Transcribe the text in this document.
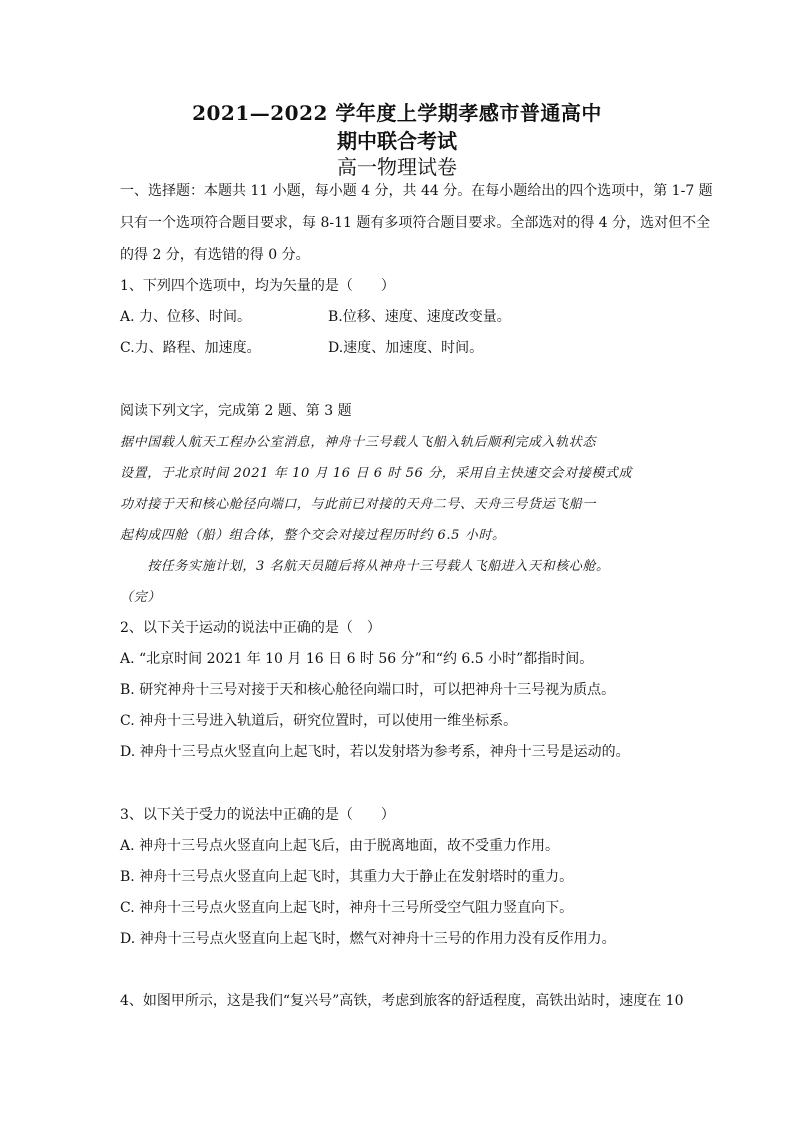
2021—2022 学年度上学期孝感市普通高中
期中联合考试
高一物理试卷
一、选择题：本题共 11 小题，每小题 4 分，共 44 分。在每小题给出的四个选项中，第 1-7 题
只有一个选项符合题目要求，每 8-11 题有多项符合题目要求。全部选对的得 4 分，选对但不全
的得 2 分，有选错的得 0 分。
1、下列四个选项中，均为矢量的是（　　）
A. 力、位移、时间。	B.位移、速度、速度改变量。
C.力、路程、加速度。	D.速度、加速度、时间。
阅读下列文字，完成第 2 题、第 3 题
据中国载人航天工程办公室消息，神舟十三号载人飞船入轨后顺利完成入轨状态
设置，于北京时间 2021 年 10 月 16 日 6 时 56 分，采用自主快速交会对接模式成
功对接于天和核心舱径向端口，与此前已对接的天舟二号、天舟三号货运飞船一
起构成四舱（船）组合体，整个交会对接过程历时约 6.5 小时。
　　按任务实施计划，3 名航天员随后将从神舟十三号载人飞船进入天和核心舱。
（完）
2、以下关于运动的说法中正确的是（　）
A. “北京时间 2021 年 10 月 16 日 6 时 56 分”和“约 6.5 小时”都指时间。
B. 研究神舟十三号对接于天和核心舱径向端口时，可以把神舟十三号视为质点。
C. 神舟十三号进入轨道后，研究位置时，可以使用一维坐标系。
D. 神舟十三号点火竖直向上起飞时，若以发射塔为参考系，神舟十三号是运动的。
3、以下关于受力的说法中正确的是（　　）
A. 神舟十三号点火竖直向上起飞后，由于脱离地面，故不受重力作用。
B. 神舟十三号点火竖直向上起飞时，其重力大于静止在发射塔时的重力。
C. 神舟十三号点火竖直向上起飞时，神舟十三号所受空气阻力竖直向下。
D. 神舟十三号点火竖直向上起飞时，燃气对神舟十三号的作用力没有反作用力。
4、如图甲所示，这是我们“复兴号”高铁，考虑到旅客的舒适程度，高铁出站时，速度在 10
